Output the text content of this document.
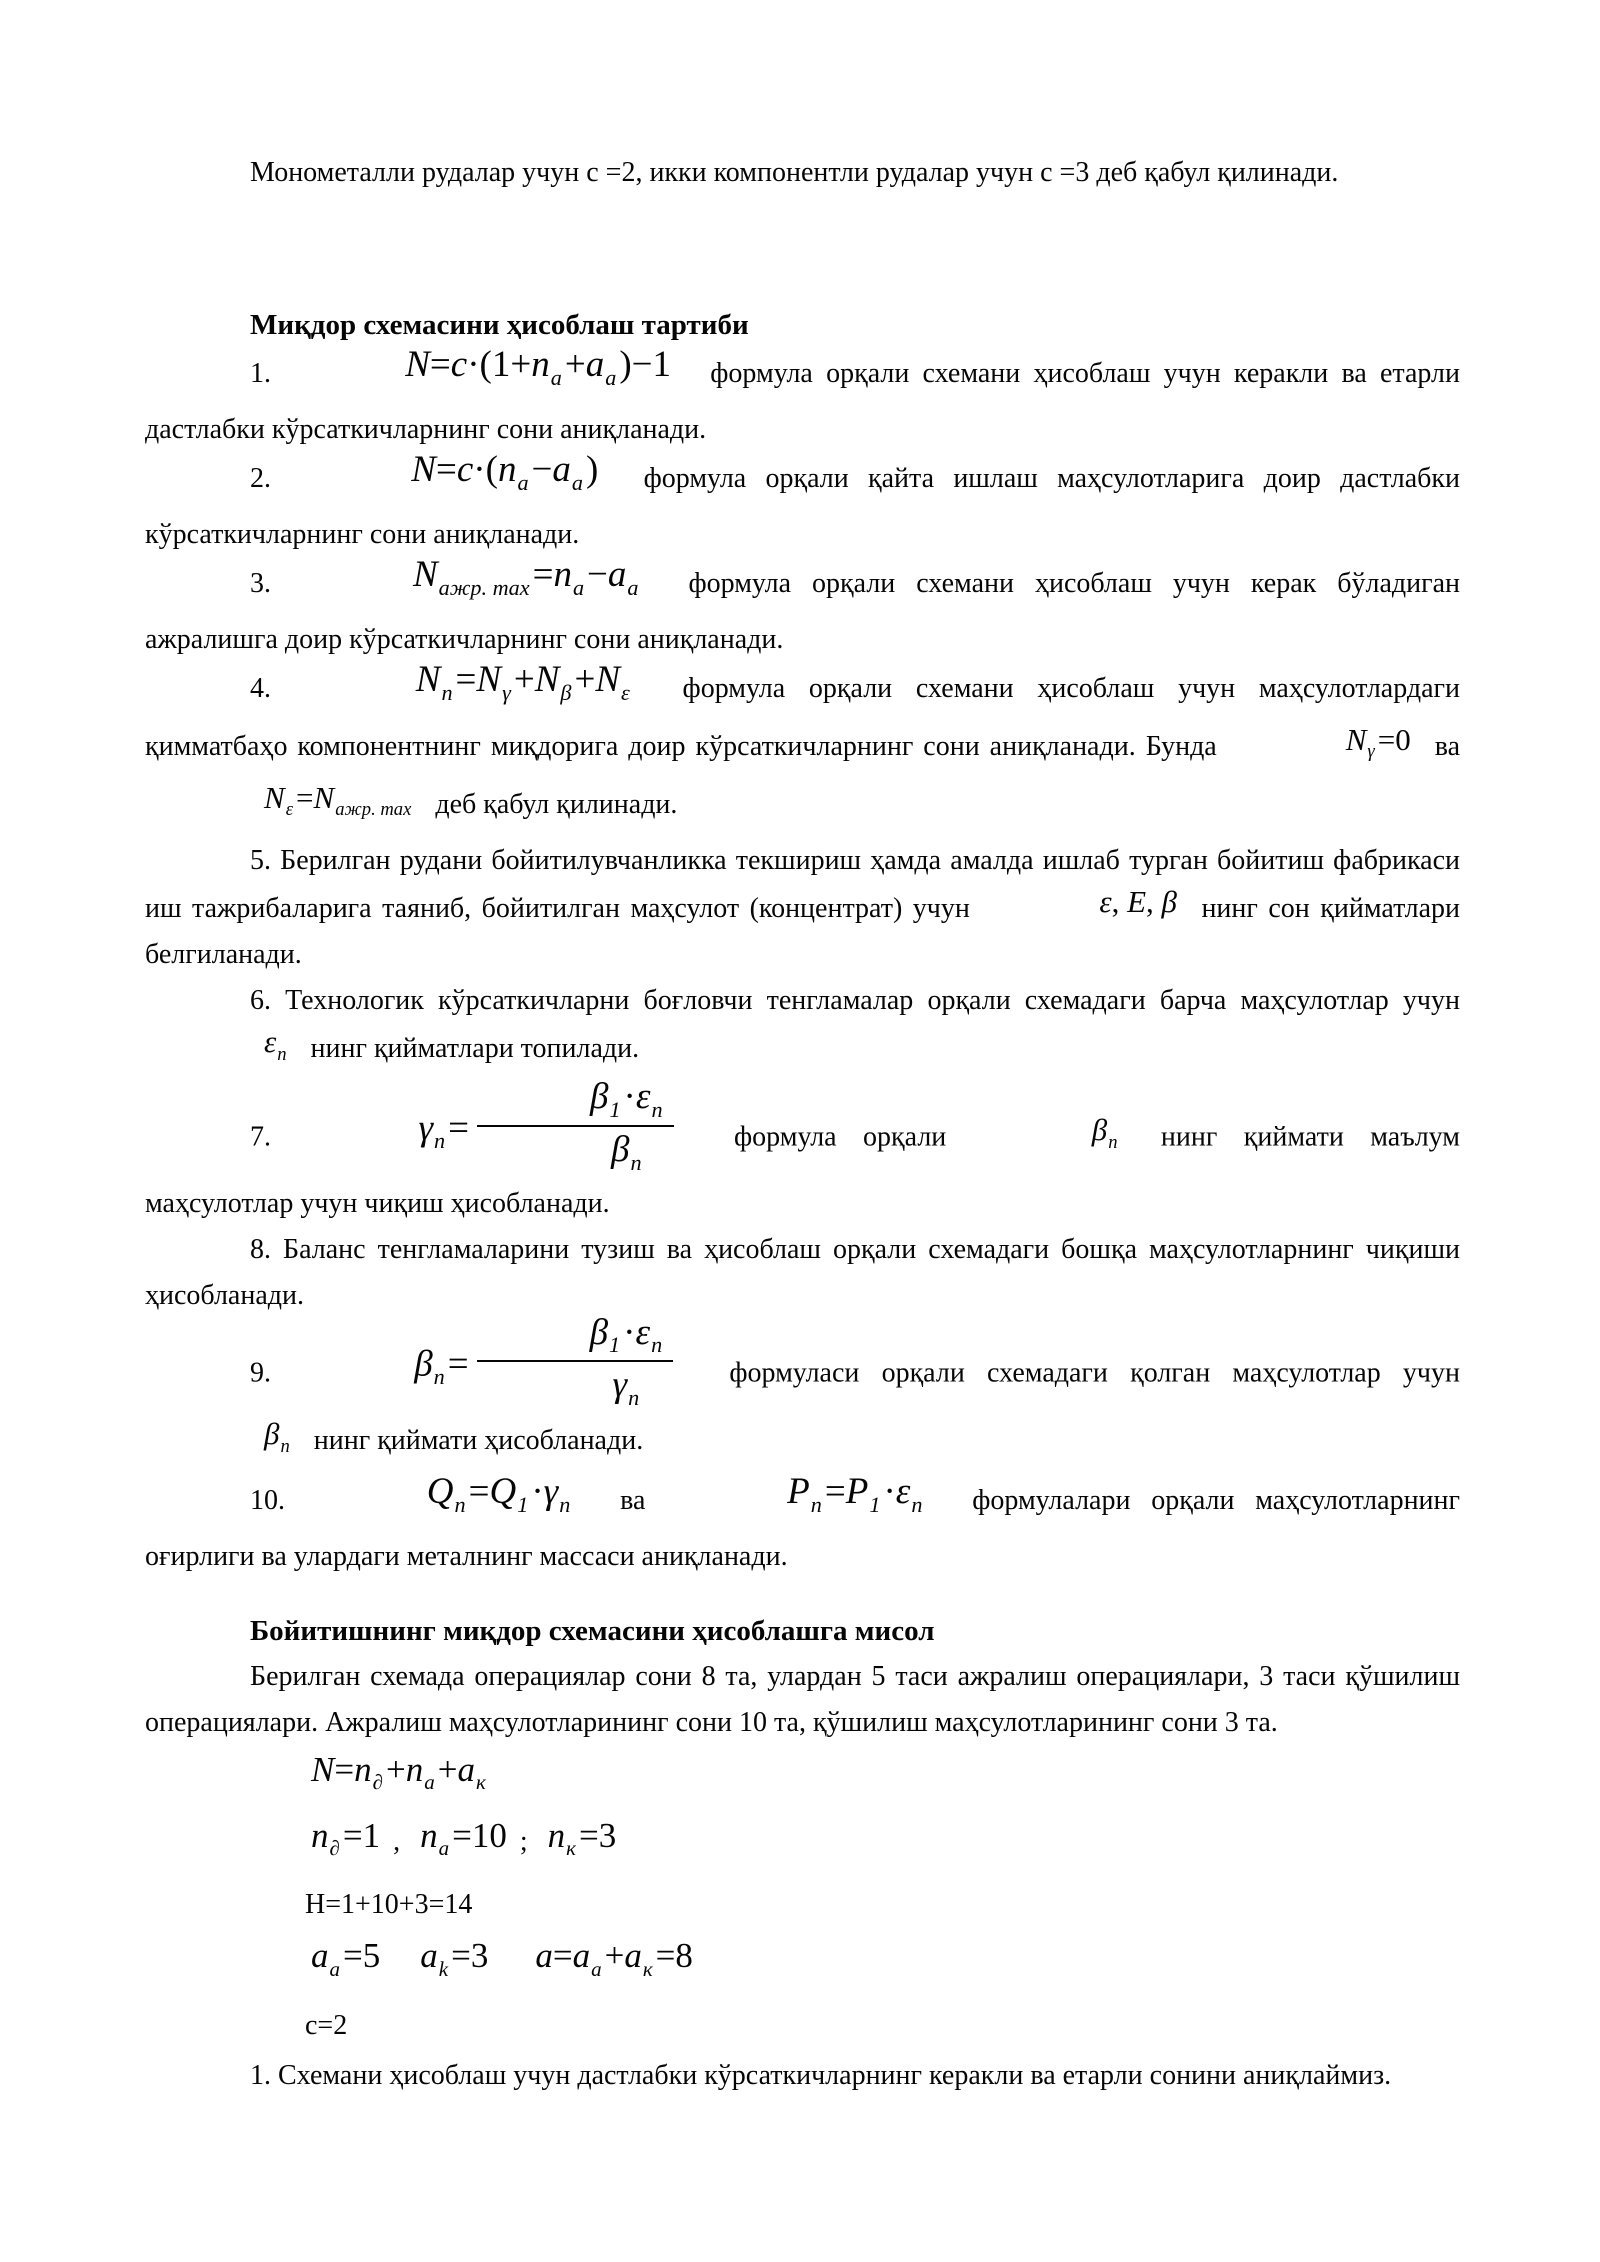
Монометалли рудалар учун с =2, икки компонентли рудалар учун с =3 деб қабул қилинади.

Миқдор схемасини ҳисоблаш тартиби

1.	$N=c\cdot(1+n_a+a_a)-1$ формула орқали схемани ҳисоблаш учун керакли ва етарли дастлабки кўрсаткичларнинг сони аниқланади.

2.	$N=c\cdot(n_a-a_a)$ формула орқали қайта ишлаш маҳсулотларига доир дастлабки кўрсаткичларнинг сони аниқланади.

3.	$N_{ажр. max}=n_a-a_a$ формула орқали схемани ҳисоблаш учун керак бўладиган ажралишга доир кўрсаткичларнинг сони аниқланади.

4.	$N_n=N_\gamma+N_\beta+N_\varepsilon$ формула орқали схемани ҳисоблаш учун маҳсулотлардаги қимматбаҳо компонентнинг миқдорига доир кўрсаткичларнинг сони аниқланади. Бунда	$N_\gamma=0$ ва $N_\varepsilon=N_{ажр. max}$ деб қабул қилинади.

5. Берилган рудани бойитилувчанликка текшириш ҳамда амалда ишлаб турган бойитиш фабрикаси иш тажрибаларига таяниб, бойитилган маҳсулот (концентрат) учун	ε, E, β нинг сон қийматлари белгиланади.

6. Технологик кўрсаткичларни боғловчи тенгламалар орқали схемадаги барча маҳсулотлар учун $\varepsilon_n$ нинг қийматлари топилади.

7.	$\gamma_n= \frac{\beta_1\cdot\varepsilon_n}{\beta_n}$ формула орқали	$\beta_n$ нинг қиймати маълум маҳсулотлар учун чиқиш ҳисобланади.

8. Баланс тенгламаларини тузиш ва ҳисоблаш орқали схемадаги бошқа маҳсулотларнинг чиқиши ҳисобланади.

9.	$\beta_n= \frac{\beta_1\cdot\varepsilon_n}{\gamma_n}$ формуласи орқали схемадаги қолган маҳсулотлар учун $\beta_n$ нинг қиймати ҳисобланади.

10.	$Q_n=Q_1\cdot\gamma_n$ ва	$P_n=P_1\cdot\varepsilon_n$ формулалари орқали маҳсулотларнинг оғирлиги ва улардаги металнинг массаси аниқланади.

Бойитишнинг миқдор схемасини ҳисоблашга мисол

Берилган схемада операциялар сони 8 та, улардан 5 таси ажралиш операциялари, 3 таси қўшилиш операциялари. Ажралиш маҳсулотларининг сони 10 та, қўшилиш маҳсулотларининг сони 3 та.

$N=n_\partial+n_a+a_к$

$n_\partial=1$ ,  $n_a=10$ ;  $n_к=3$

Н=1+10+3=14

$a_a=5$ $a_k=3$ $a=a_a+a_к=8$

с=2

1. Схемани ҳисоблаш учун дастлабки кўрсаткичларнинг керакли ва етарли сонини аниқлаймиз.
